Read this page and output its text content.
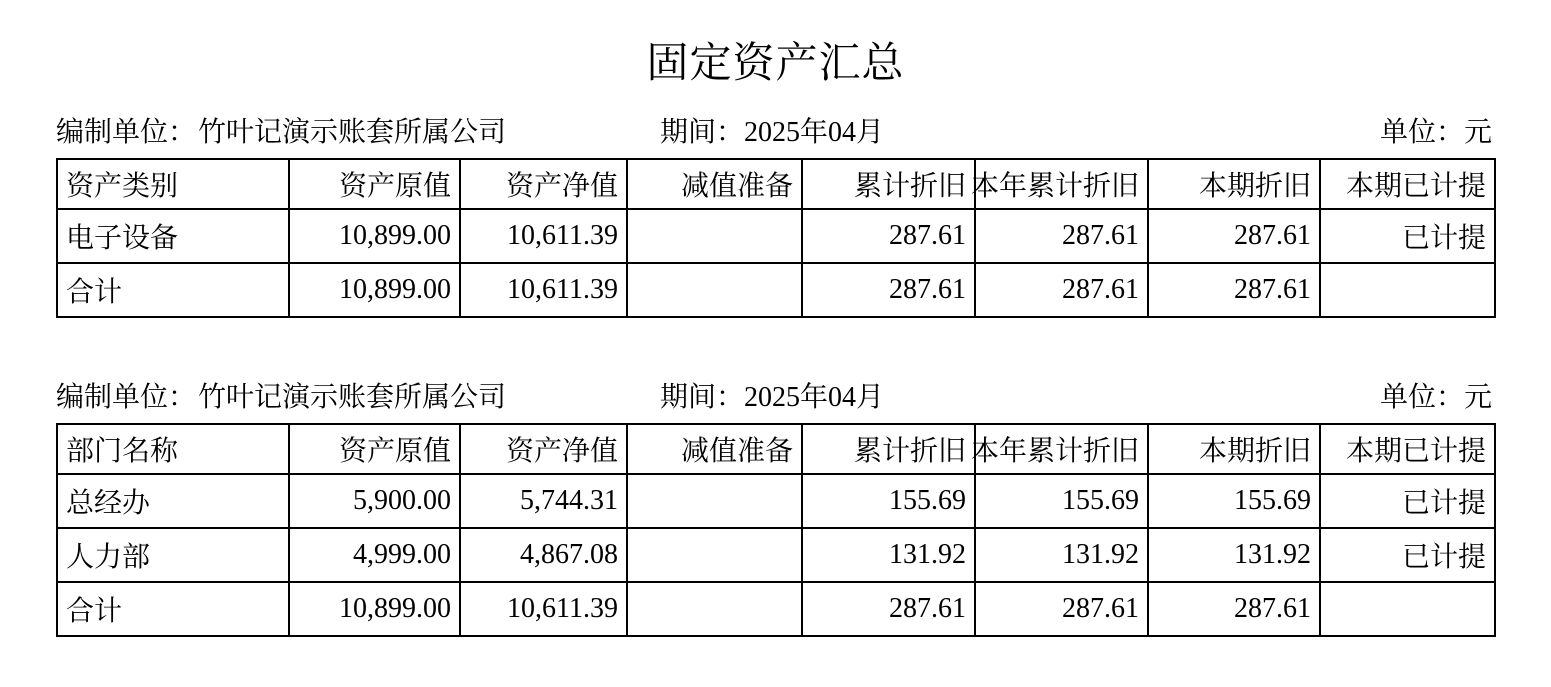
固定资产汇总
编制单位： 竹叶记演示账套所属公司	期间：2025年04月	单位：元
资产类别	资产原值	资产净值	减值准备	累计折旧	本年累计折旧	本期折旧	本期已计提
电子设备	10,899.00	10,611.39		287.61	287.61	287.61	已计提
合计	10,899.00	10,611.39		287.61	287.61	287.61	
编制单位： 竹叶记演示账套所属公司	期间：2025年04月	单位：元
部门名称	资产原值	资产净值	减值准备	累计折旧	本年累计折旧	本期折旧	本期已计提
总经办	5,900.00	5,744.31		155.69	155.69	155.69	已计提
人力部	4,999.00	4,867.08		131.92	131.92	131.92	已计提
合计	10,899.00	10,611.39		287.61	287.61	287.61	
